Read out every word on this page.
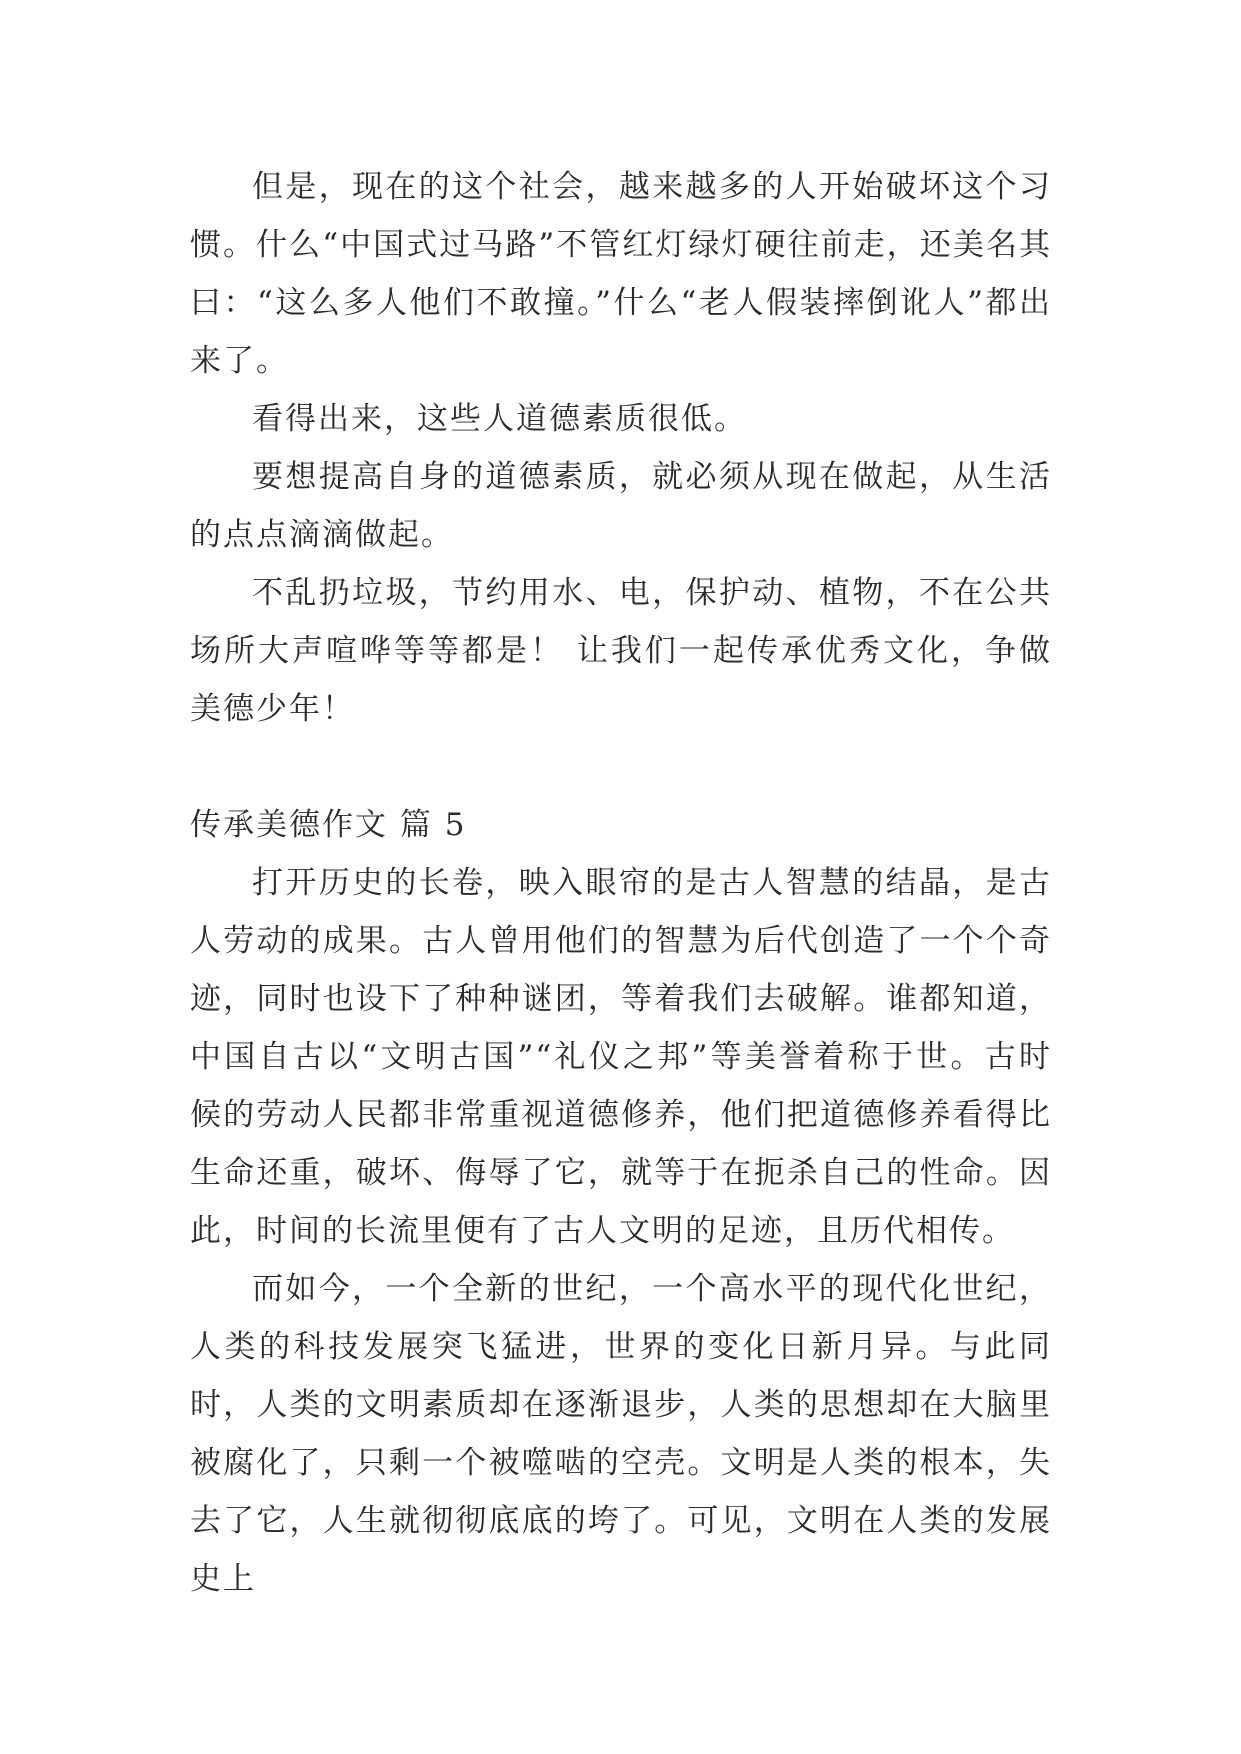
但是，现在的这个社会，越来越多的人开始破坏这个习惯。什么“中国式过马路”不管红灯绿灯硬往前走，还美名其曰：“这么多人他们不敢撞。”什么“老人假装摔倒讹人”都出来了。

看得出来，这些人道德素质很低。

要想提高自身的道德素质，就必须从现在做起，从生活的点点滴滴做起。

不乱扔垃圾，节约用水、电，保护动、植物，不在公共场所大声喧哗等等都是！ 让我们一起传承优秀文化，争做美德少年！

传承美德作文 篇 5

打开历史的长卷，映入眼帘的是古人智慧的结晶，是古人劳动的成果。古人曾用他们的智慧为后代创造了一个个奇迹，同时也设下了种种谜团，等着我们去破解。谁都知道，中国自古以“文明古国”“礼仪之邦”等美誉着称于世。古时候的劳动人民都非常重视道德修养，他们把道德修养看得比生命还重，破坏、侮辱了它，就等于在扼杀自己的性命。因此，时间的长流里便有了古人文明的足迹，且历代相传。

而如今，一个全新的世纪，一个高水平的现代化世纪，人类的科技发展突飞猛进，世界的变化日新月异。与此同时，人类的文明素质却在逐渐退步，人类的思想却在大脑里被腐化了，只剩一个被噬啮的空壳。文明是人类的根本，失去了它，人生就彻彻底底的垮了。可见，文明在人类的发展史上
